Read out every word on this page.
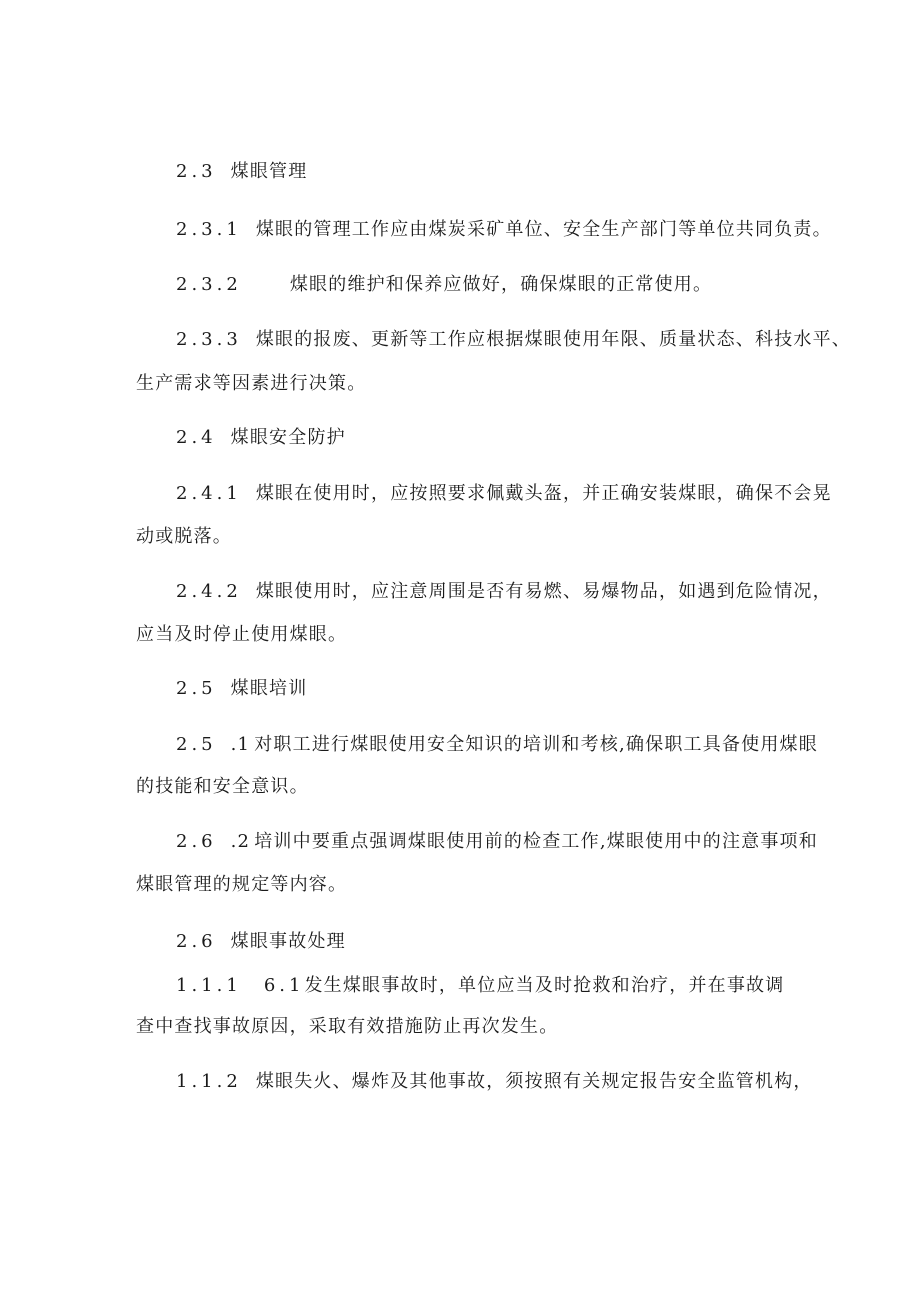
2.3 煤眼管理
2.3.1 煤眼的管理工作应由煤炭采矿单位、安全生产部门等单位共同负责。
2.3.2	煤眼的维护和保养应做好，确保煤眼的正常使用。
2.3.3 煤眼的报废、更新等工作应根据煤眼使用年限、质量状态、科技水平、
生产需求等因素进行决策。
2.4 煤眼安全防护
2.4.1 煤眼在使用时，应按照要求佩戴头盔，并正确安装煤眼，确保不会晃
动或脱落。
2.4.2 煤眼使用时，应注意周围是否有易燃、易爆物品，如遇到危险情况，
应当及时停止使用煤眼。
2.5 煤眼培训
2.5 .1 对职工进行煤眼使用安全知识的培训和考核,确保职工具备使用煤眼
的技能和安全意识。
2.6 .2 培训中要重点强调煤眼使用前的检查工作,煤眼使用中的注意事项和
煤眼管理的规定等内容。
2.6 煤眼事故处理
1.1.1 6.1发生煤眼事故时，单位应当及时抢救和治疗，并在事故调
查中查找事故原因，采取有效措施防止再次发生。
1.1.2 煤眼失火、爆炸及其他事故，须按照有关规定报告安全监管机构，
